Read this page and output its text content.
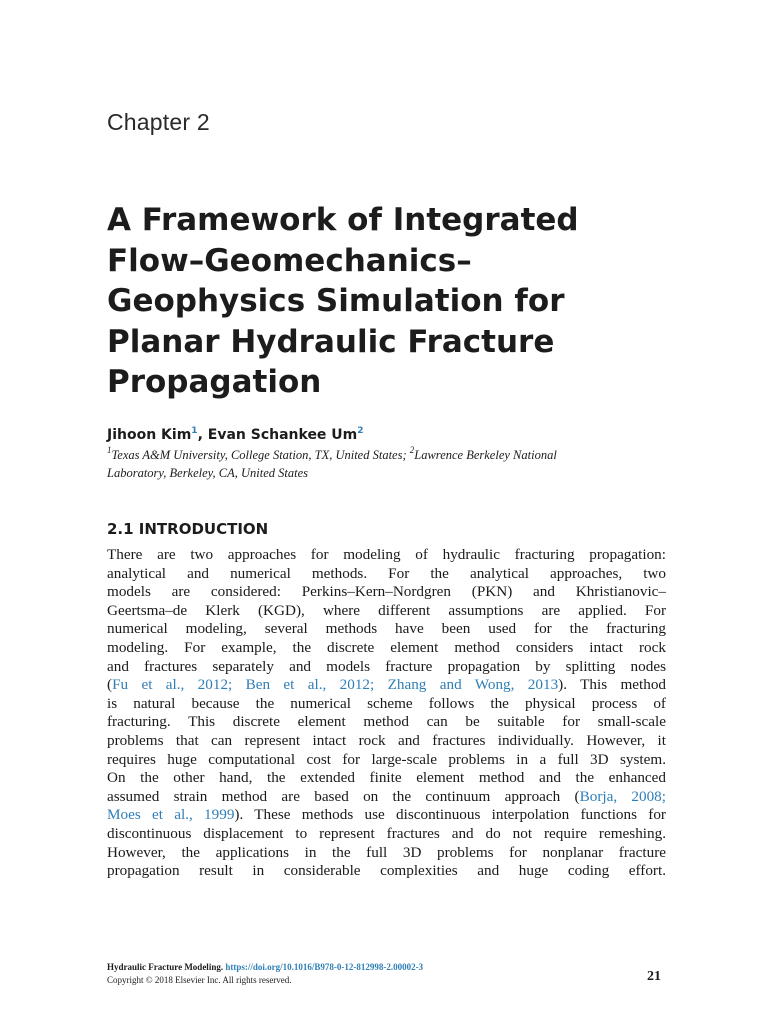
Chapter 2
A Framework of Integrated
Flow–Geomechanics–
Geophysics Simulation for
Planar Hydraulic Fracture
Propagation
Jihoon Kim$^1$, Evan Schankee Um$^2$
$^1$Texas A&M University, College Station, TX, United States; $^2$Lawrence Berkeley National
Laboratory, Berkeley, CA, United States
2.1 INTRODUCTION
There are two approaches for modeling of hydraulic fracturing propagation:
analytical and numerical methods. For the analytical approaches, two
models are considered: Perkins–Kern–Nordgren (PKN) and Khristianovic–
Geertsma–de Klerk (KGD), where different assumptions are applied. For
numerical modeling, several methods have been used for the fracturing
modeling. For example, the discrete element method considers intact rock
and fractures separately and models fracture propagation by splitting nodes
(Fu et al., 2012; Ben et al., 2012; Zhang and Wong, 2013). This method
is natural because the numerical scheme follows the physical process of
fracturing. This discrete element method can be suitable for small-scale
problems that can represent intact rock and fractures individually. However, it
requires huge computational cost for large-scale problems in a full 3D system.
On the other hand, the extended finite element method and the enhanced
assumed strain method are based on the continuum approach (Borja, 2008;
Moes et al., 1999). These methods use discontinuous interpolation functions for
discontinuous displacement to represent fractures and do not require remeshing.
However, the applications in the full 3D problems for nonplanar fracture
propagation result in considerable complexities and huge coding effort.
Hydraulic Fracture Modeling. https://doi.org/10.1016/B978-0-12-812998-2.00002-3
Copyright © 2018 Elsevier Inc. All rights reserved.	21
